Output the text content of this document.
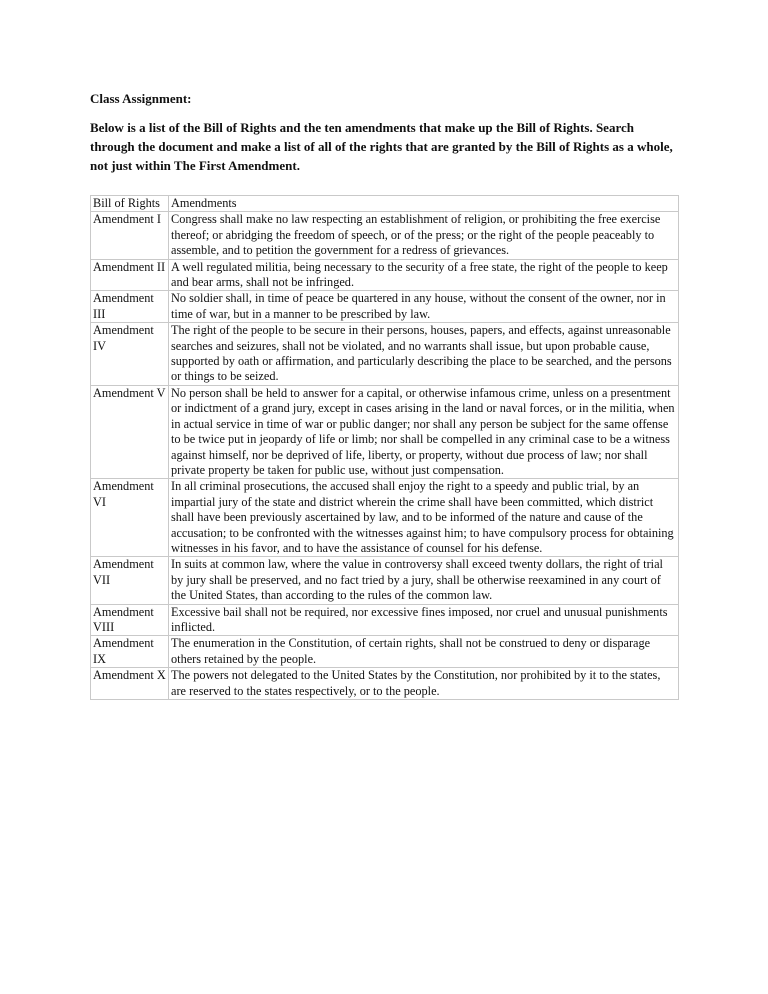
Class Assignment:

Below is a list of the Bill of Rights and the ten amendments that make up the Bill of Rights. Search through the document and make a list of all of the rights that are granted by the Bill of Rights as a whole, not just within The First Amendment.

Bill of Rights	Amendments
Amendment I	Congress shall make no law respecting an establishment of religion, or prohibiting the free exercise thereof; or abridging the freedom of speech, or of the press; or the right of the people peaceably to assemble, and to petition the government for a redress of grievances.
Amendment II	A well regulated militia, being necessary to the security of a free state, the right of the people to keep and bear arms, shall not be infringed.
Amendment III	No soldier shall, in time of peace be quartered in any house, without the consent of the owner, nor in time of war, but in a manner to be prescribed by law.
Amendment IV	The right of the people to be secure in their persons, houses, papers, and effects, against unreasonable searches and seizures, shall not be violated, and no warrants shall issue, but upon probable cause, supported by oath or affirmation, and particularly describing the place to be searched, and the persons or things to be seized.
Amendment V	No person shall be held to answer for a capital, or otherwise infamous crime, unless on a presentment or indictment of a grand jury, except in cases arising in the land or naval forces, or in the militia, when in actual service in time of war or public danger; nor shall any person be subject for the same offense to be twice put in jeopardy of life or limb; nor shall be compelled in any criminal case to be a witness against himself, nor be deprived of life, liberty, or property, without due process of law; nor shall private property be taken for public use, without just compensation.
Amendment VI	In all criminal prosecutions, the accused shall enjoy the right to a speedy and public trial, by an impartial jury of the state and district wherein the crime shall have been committed, which district shall have been previously ascertained by law, and to be informed of the nature and cause of the accusation; to be confronted with the witnesses against him; to have compulsory process for obtaining witnesses in his favor, and to have the assistance of counsel for his defense.
Amendment VII	In suits at common law, where the value in controversy shall exceed twenty dollars, the right of trial by jury shall be preserved, and no fact tried by a jury, shall be otherwise reexamined in any court of the United States, than according to the rules of the common law.
Amendment VIII	Excessive bail shall not be required, nor excessive fines imposed, nor cruel and unusual punishments inflicted.
Amendment IX	The enumeration in the Constitution, of certain rights, shall not be construed to deny or disparage others retained by the people.
Amendment X	The powers not delegated to the United States by the Constitution, nor prohibited by it to the states, are reserved to the states respectively, or to the people.
